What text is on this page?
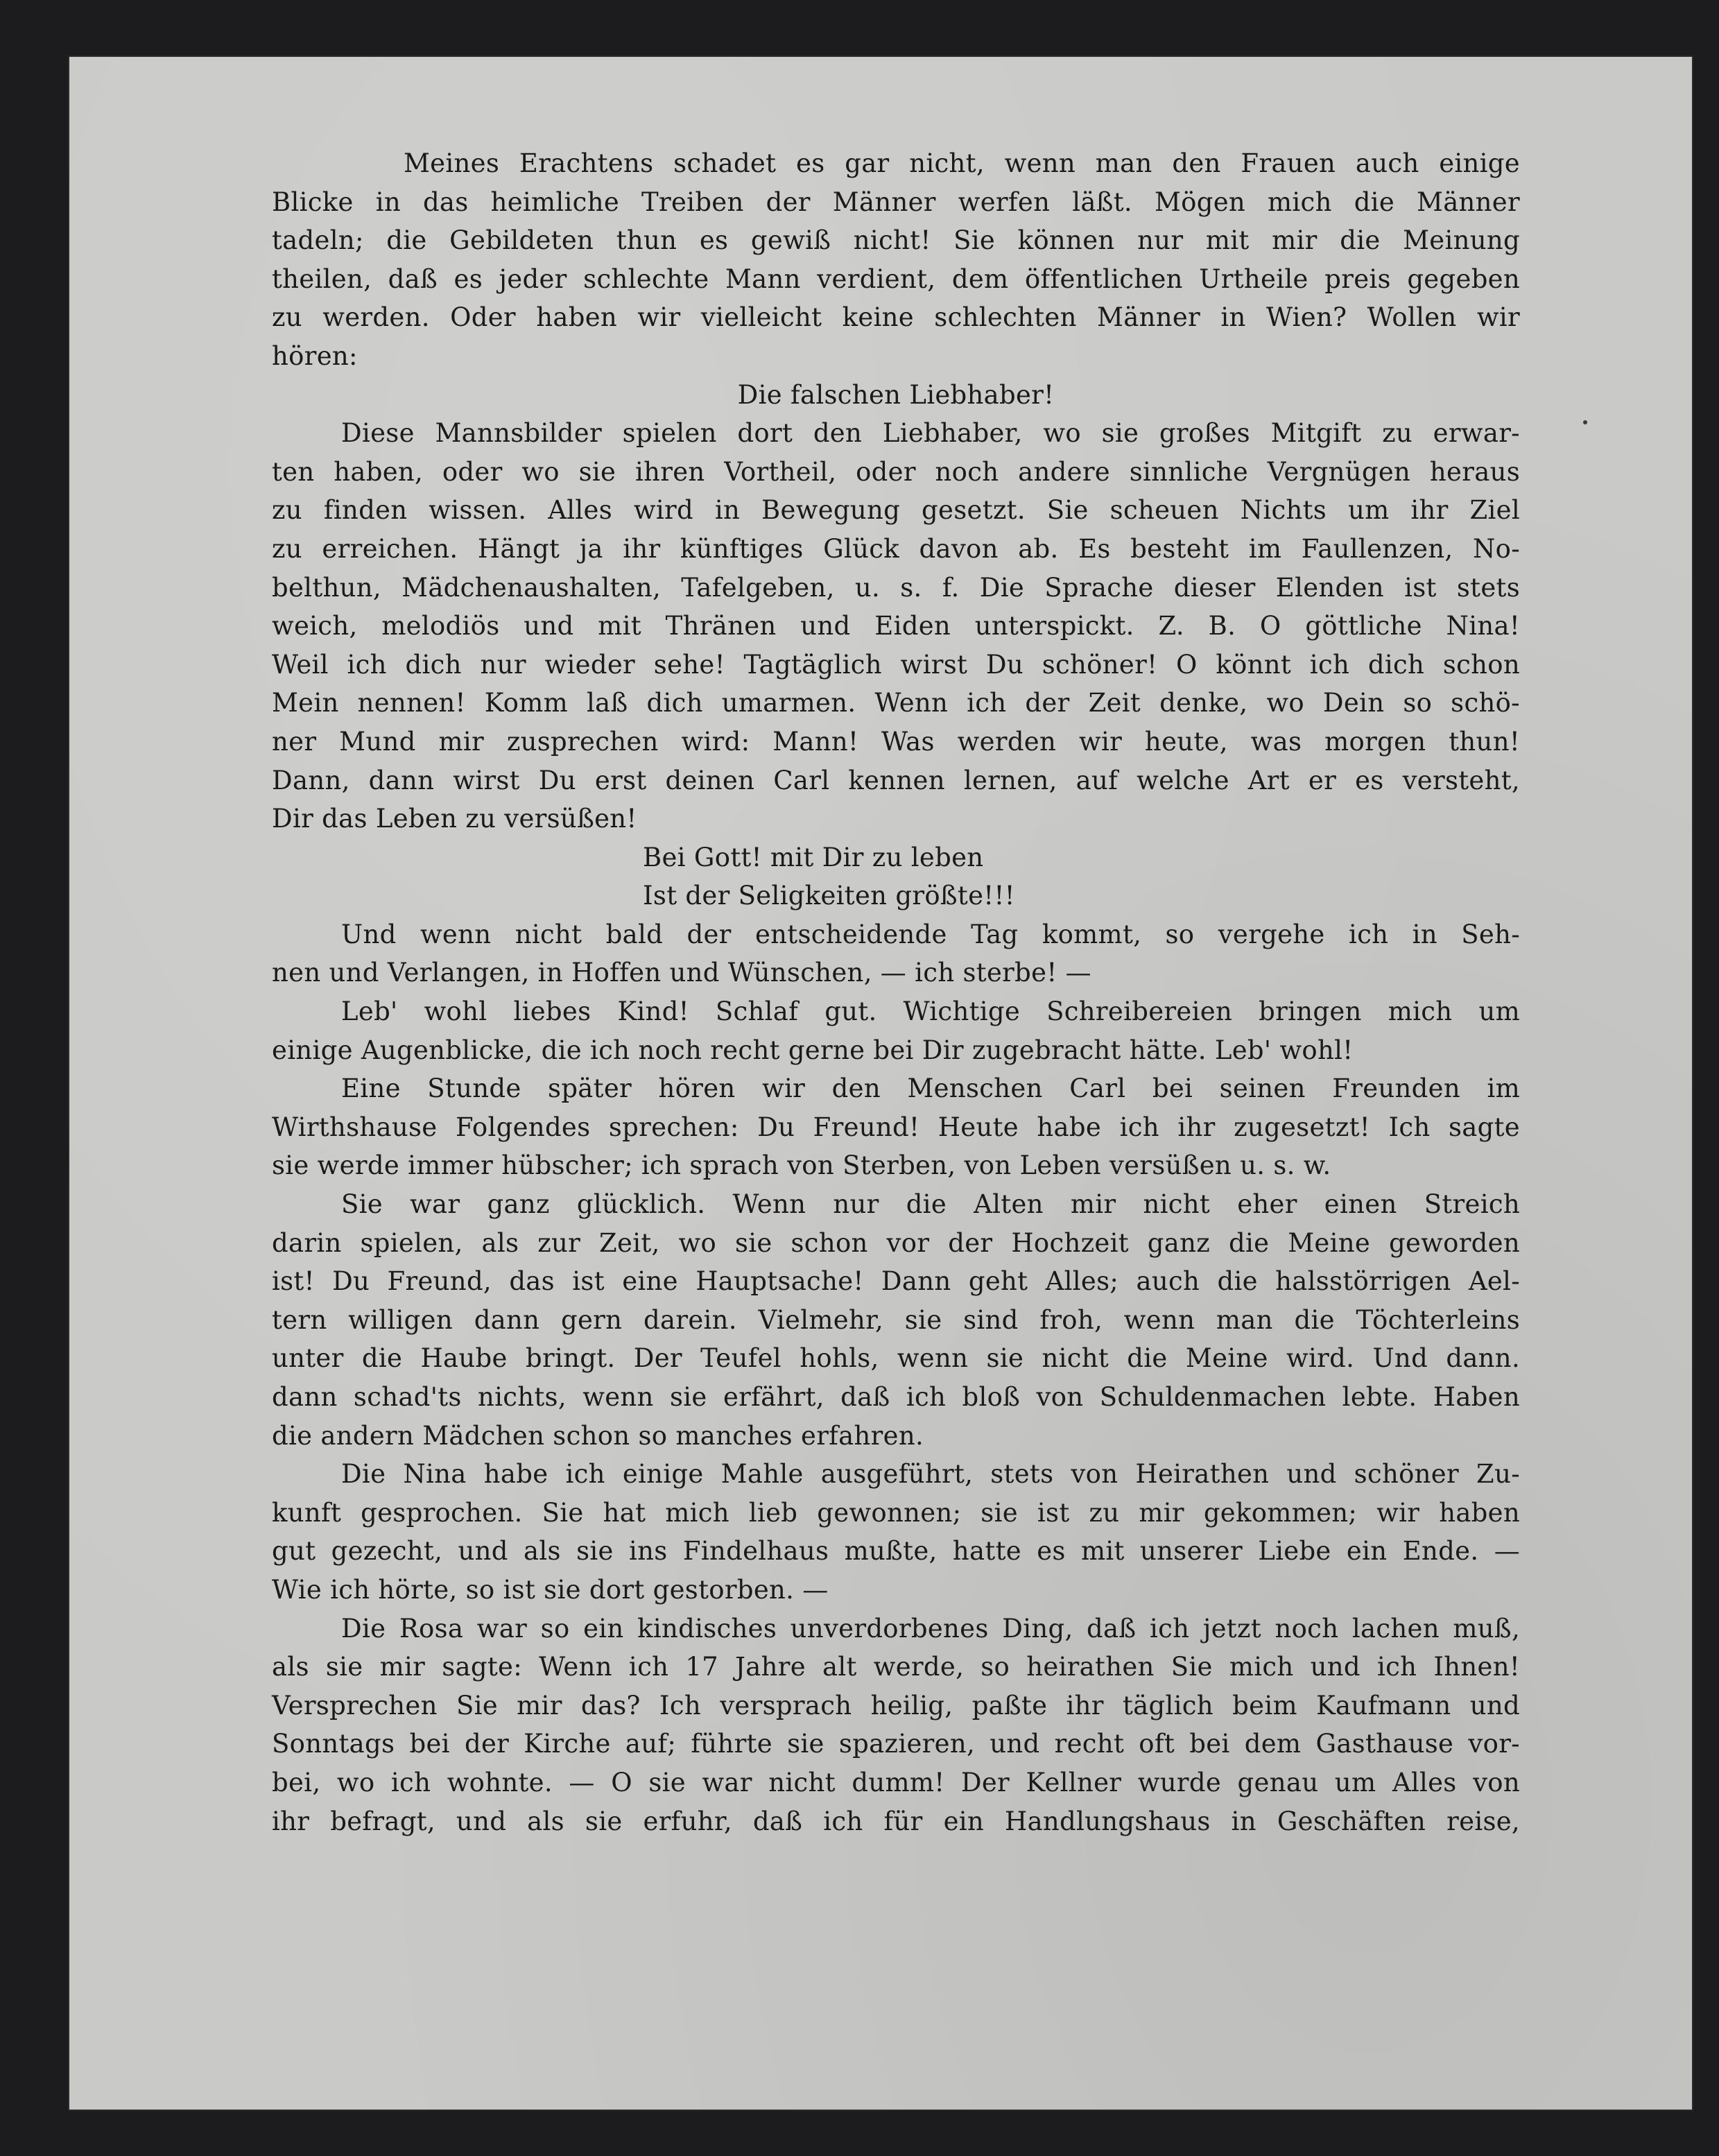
Meines Erachtens schadet es gar nicht, wenn man den Frauen auch einige

Blicke in das heimliche Treiben der Männer werfen läßt. Mögen mich die Männer

tadeln; die Gebildeten thun es gewiß nicht! Sie können nur mit mir die Meinung

theilen, daß es jeder schlechte Mann verdient, dem öffentlichen Urtheile preis gegeben

zu werden. Oder haben wir vielleicht keine schlechten Männer in Wien? Wollen wir

hören:

Die falschen Liebhaber!

Diese Mannsbilder spielen dort den Liebhaber, wo sie großes Mitgift zu erwar-

ten haben, oder wo sie ihren Vortheil, oder noch andere sinnliche Vergnügen heraus

zu finden wissen. Alles wird in Bewegung gesetzt. Sie scheuen Nichts um ihr Ziel

zu erreichen. Hängt ja ihr künftiges Glück davon ab. Es besteht im Faullenzen, No-

belthun, Mädchenaushalten, Tafelgeben, u. s. f. Die Sprache dieser Elenden ist stets

weich, melodiös und mit Thränen und Eiden unterspickt. Z. B. O göttliche Nina!

Weil ich dich nur wieder sehe! Tagtäglich wirst Du schöner! O könnt ich dich schon

Mein nennen! Komm laß dich umarmen. Wenn ich der Zeit denke, wo Dein so schö-

ner Mund mir zusprechen wird: Mann! Was werden wir heute, was morgen thun!

Dann, dann wirst Du erst deinen Carl kennen lernen, auf welche Art er es versteht,

Dir das Leben zu versüßen!

Bei Gott! mit Dir zu leben

Ist der Seligkeiten größte!!!

Und wenn nicht bald der entscheidende Tag kommt, so vergehe ich in Seh-

nen und Verlangen, in Hoffen und Wünschen, — ich sterbe! —

Leb' wohl liebes Kind! Schlaf gut. Wichtige Schreibereien bringen mich um

einige Augenblicke, die ich noch recht gerne bei Dir zugebracht hätte. Leb' wohl!

Eine Stunde später hören wir den Menschen Carl bei seinen Freunden im

Wirthshause Folgendes sprechen: Du Freund! Heute habe ich ihr zugesetzt! Ich sagte

sie werde immer hübscher; ich sprach von Sterben, von Leben versüßen u. s. w.

Sie war ganz glücklich. Wenn nur die Alten mir nicht eher einen Streich

darin spielen, als zur Zeit, wo sie schon vor der Hochzeit ganz die Meine geworden

ist! Du Freund, das ist eine Hauptsache! Dann geht Alles; auch die halsstörrigen Ael-

tern willigen dann gern darein. Vielmehr, sie sind froh, wenn man die Töchterleins

unter die Haube bringt. Der Teufel hohls, wenn sie nicht die Meine wird. Und dann.

dann schad'ts nichts, wenn sie erfährt, daß ich bloß von Schuldenmachen lebte. Haben

die andern Mädchen schon so manches erfahren.

Die Nina habe ich einige Mahle ausgeführt, stets von Heirathen und schöner Zu-

kunft gesprochen. Sie hat mich lieb gewonnen; sie ist zu mir gekommen; wir haben

gut gezecht, und als sie ins Findelhaus mußte, hatte es mit unserer Liebe ein Ende. —

Wie ich hörte, so ist sie dort gestorben. —

Die Rosa war so ein kindisches unverdorbenes Ding, daß ich jetzt noch lachen muß,

als sie mir sagte: Wenn ich 17 Jahre alt werde, so heirathen Sie mich und ich Ihnen!

Versprechen Sie mir das? Ich versprach heilig, paßte ihr täglich beim Kaufmann und

Sonntags bei der Kirche auf; führte sie spazieren, und recht oft bei dem Gasthause vor-

bei, wo ich wohnte. — O sie war nicht dumm! Der Kellner wurde genau um Alles von

ihr befragt, und als sie erfuhr, daß ich für ein Handlungshaus in Geschäften reise,
